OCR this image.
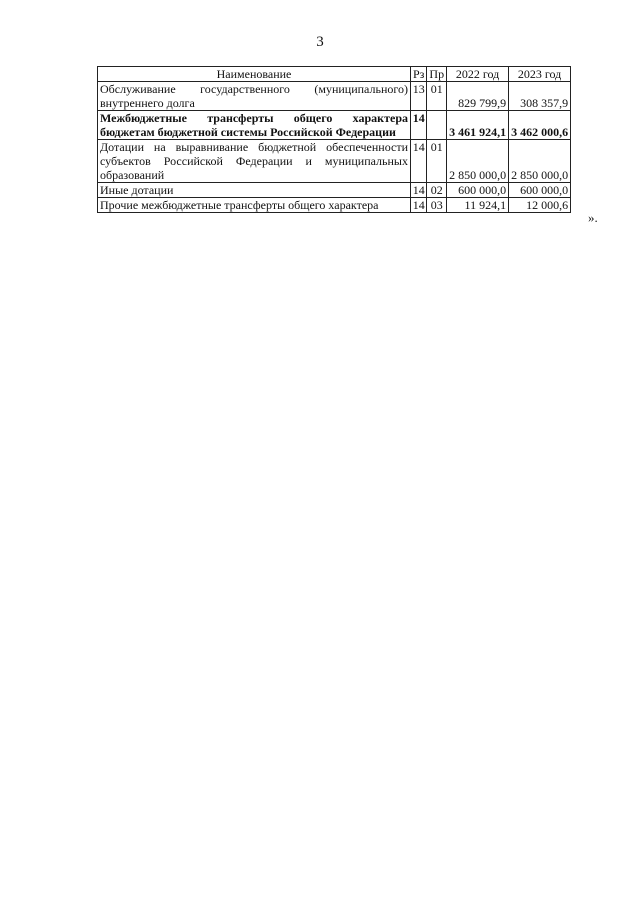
3
Наименование	Рз	Пр	2022 год	2023 год
Обслуживание государственного (муниципального) внутреннего долга	13	01	829 799,9	308 357,9
Межбюджетные трансферты общего характера бюджетам бюджетной системы Российской Федерации	14		3 461 924,1	3 462 000,6
Дотации на выравнивание бюджетной обеспеченности субъектов Российской Федерации и муниципальных образований	14	01	2 850 000,0	2 850 000,0
Иные дотации	14	02	600 000,0	600 000,0
Прочие межбюджетные трансферты общего характера	14	03	11 924,1	12 000,6
».
